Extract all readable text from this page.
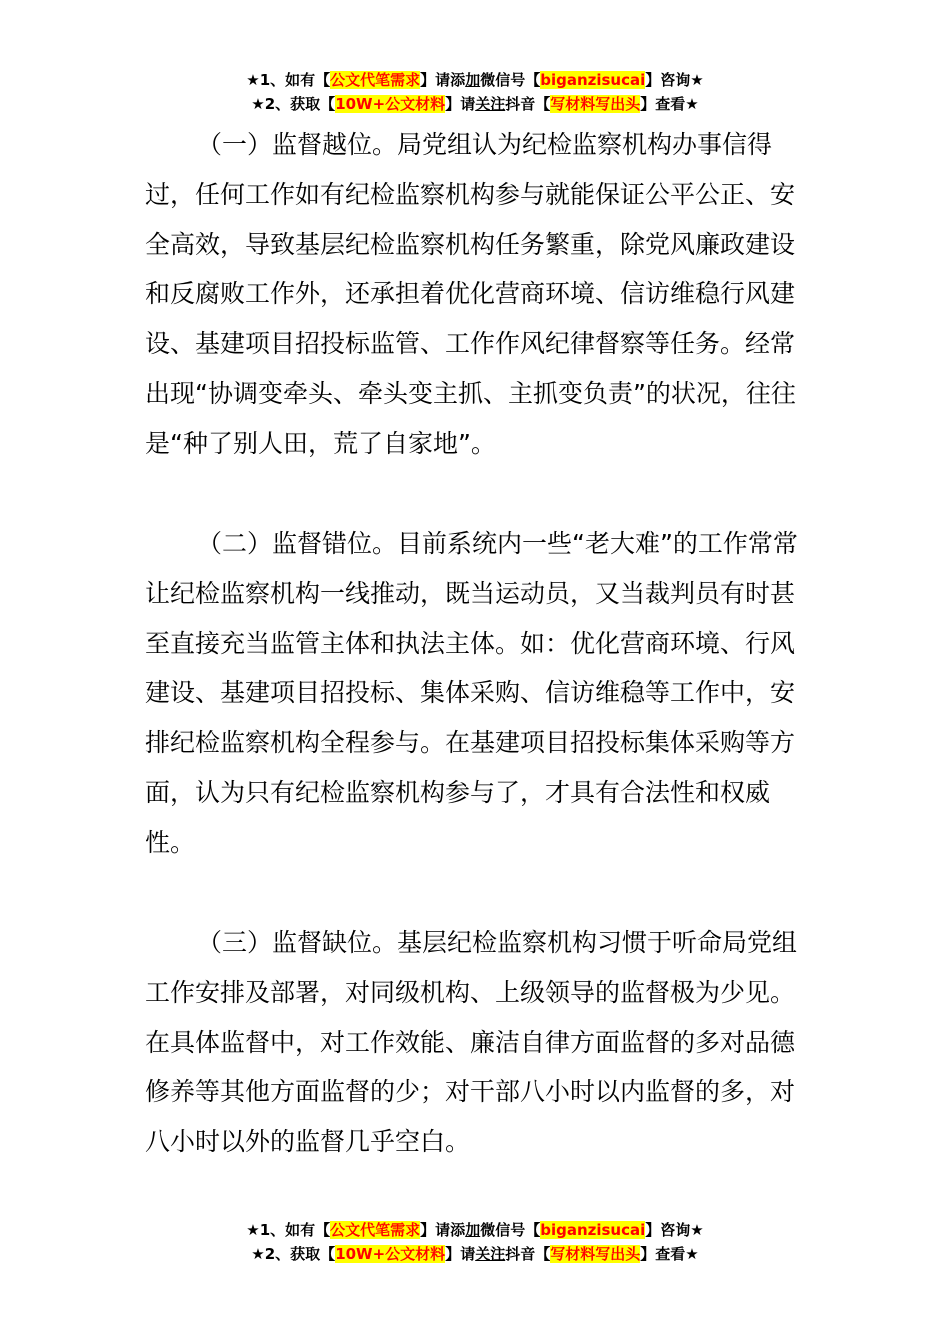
★1、如有【公文代笔需求】请添加微信号【biganzisucai】咨询★
★2、获取【10W+公文材料】请关注抖音【写材料写出头】查看★

（一）监督越位。局党组认为纪检监察机构办事信得过，任何工作如有纪检监察机构参与就能保证公平公正、安全高效，导致基层纪检监察机构任务繁重，除党风廉政建设和反腐败工作外，还承担着优化营商环境、信访维稳行风建设、基建项目招投标监管、工作作风纪律督察等任务。经常出现“协调变牵头、牵头变主抓、主抓变负责”的状况，往往是“种了别人田，荒了自家地”。

（二）监督错位。目前系统内一些“老大难”的工作常常让纪检监察机构一线推动，既当运动员，又当裁判员有时甚至直接充当监管主体和执法主体。如：优化营商环境、行风建设、基建项目招投标、集体采购、信访维稳等工作中，安排纪检监察机构全程参与。在基建项目招投标集体采购等方面，认为只有纪检监察机构参与了，才具有合法性和权威性。

（三）监督缺位。基层纪检监察机构习惯于听命局党组工作安排及部署，对同级机构、上级领导的监督极为少见。在具体监督中，对工作效能、廉洁自律方面监督的多对品德修养等其他方面监督的少；对干部八小时以内监督的多，对八小时以外的监督几乎空白。

★1、如有【公文代笔需求】请添加微信号【biganzisucai】咨询★
★2、获取【10W+公文材料】请关注抖音【写材料写出头】查看★
